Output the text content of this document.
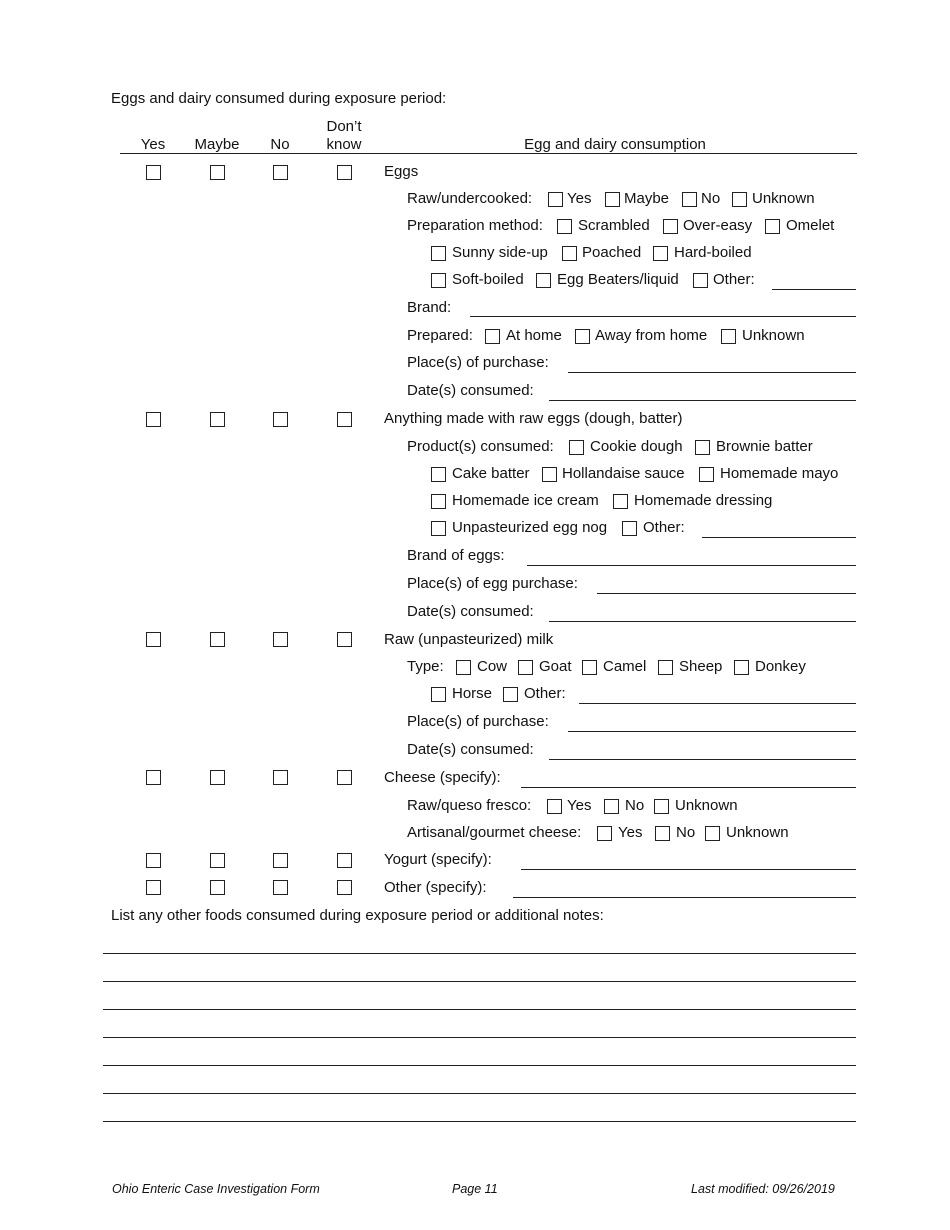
Eggs and dairy consumed during exposure period:
Yes	Maybe	No
Don’t
know	Egg and dairy consumption
Eggs
Raw/undercooked: Yes Maybe No Unknown
Preparation method: Scrambled Over-easy Omelet
Sunny side-up Poached Hard-boiled
Soft-boiled Egg Beaters/liquid Other:
Brand:
Prepared: At home Away from home Unknown
Place(s) of purchase:
Date(s) consumed:
Anything made with raw eggs (dough, batter)
Product(s) consumed: Cookie dough Brownie batter
Cake batter Hollandaise sauce Homemade mayo
Homemade ice cream Homemade dressing
Unpasteurized egg nog Other:
Brand of eggs:
Place(s) of egg purchase:
Date(s) consumed:
Raw (unpasteurized) milk
Type: Cow Goat Camel Sheep Donkey
Horse Other:
Place(s) of purchase:
Date(s) consumed:
Cheese (specify):
Raw/queso fresco: Yes No Unknown
Artisanal/gourmet cheese: Yes No Unknown
Yogurt (specify):
Other (specify):
List any other foods consumed during exposure period or additional notes:
Ohio Enteric Case Investigation Form	Page 11	Last modified: 09/26/2019
